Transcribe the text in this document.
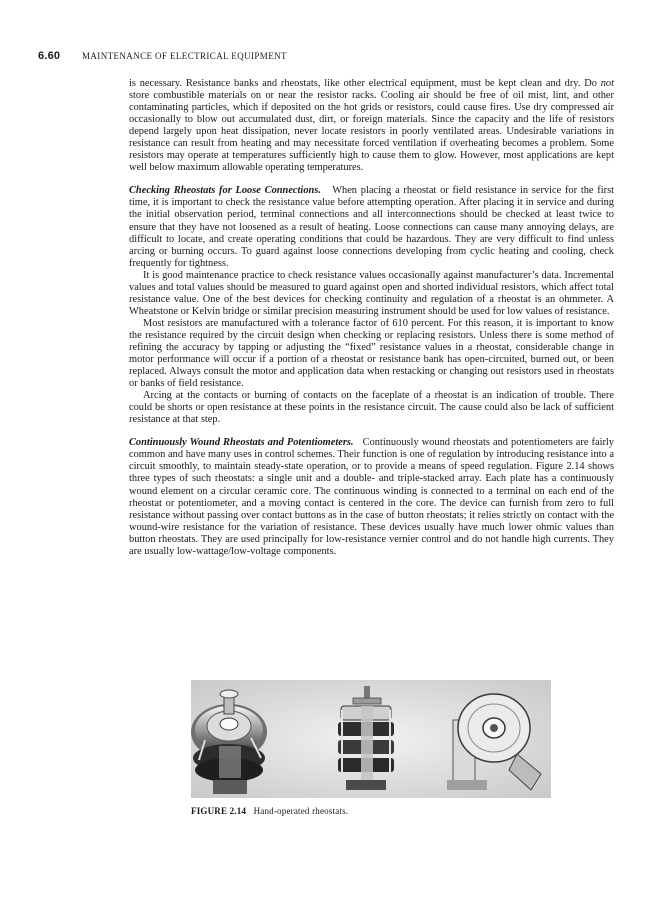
6.60 MAINTENANCE OF ELECTRICAL EQUIPMENT

is necessary. Resistance banks and rheostats, like other electrical equipment, must be kept clean and dry. Do not store combustible materials on or near the resistor racks. Cooling air should be free of oil mist, lint, and other contaminating particles, which if deposited on the hot grids or resistors, could cause fires. Use dry compressed air occasionally to blow out accumulated dust, dirt, or foreign materials. Since the capacity and the life of resistors depend largely upon heat dissipation, never locate resistors in poorly ventilated areas. Undesirable variations in resistance can result from heating and may necessitate forced ventilation if overheating becomes a problem. Some resistors may operate at temperatures sufficiently high to cause them to glow. However, most applications are kept well below maximum allowable operating temperatures.

Checking Rheostats for Loose Connections. When placing a rheostat or field resistance in service for the first time, it is important to check the resistance value before attempting operation. After placing it in service and during the initial observation period, terminal connections and all interconnections should be checked at least twice to ensure that they have not loosened as a result of heating. Loose connections can cause many annoying delays, are difficult to locate, and create operating conditions that could be hazardous. They are very difficult to find unless arcing or burning occurs. To guard against loose connections developing from cyclic heating and cooling, check frequently for tightness.

It is good maintenance practice to check resistance values occasionally against manufacturer’s data. Incremental values and total values should be measured to guard against open and shorted individual resistors, which affect total resistance value. One of the best devices for checking continuity and regulation of a rheostat is an ohmmeter. A Wheatstone or Kelvin bridge or similar precision measuring instrument should be used for low values of resistance.

Most resistors are manufactured with a tolerance factor of 610 percent. For this reason, it is important to know the resistance required by the circuit design when checking or replacing resistors. Unless there is some method of refining the accuracy by tapping or adjusting the “fixed” resistance values in a rheostat, considerable change in motor performance will occur if a portion of a rheostat or resistance bank has open-circuited, burned out, or been replaced. Always consult the motor and application data when restacking or changing out resistors used in rheostats or banks of field resistance.

Arcing at the contacts or burning of contacts on the faceplate of a rheostat is an indication of trouble. There could be shorts or open resistance at these points in the resistance circuit. The cause could also be lack of sufficient resistance at that step.

Continuously Wound Rheostats and Potentiometers. Continuously wound rheostats and potentiometers are fairly common and have many uses in control schemes. Their function is one of regulation by introducing resistance into a circuit smoothly, to maintain steady-state operation, or to provide a means of speed regulation. Figure 2.14 shows three types of such rheostats: a single unit and a double- and triple-stacked array. Each plate has a continuously wound element on a circular ceramic core. The continuous winding is connected to a terminal on each end of the rheostat or potentiometer, and a moving contact is centered in the core. The device can furnish from zero to full resistance without passing over contact buttons as in the case of button rheostats; it relies strictly on contact with the wound-wire resistance for the variation of resistance. These devices usually have much lower ohmic values than button rheostats. They are used principally for low-resistance vernier control and do not handle high currents. They are usually low-wattage/low-voltage components.

FIGURE 2.14 Hand-operated rheostats.
